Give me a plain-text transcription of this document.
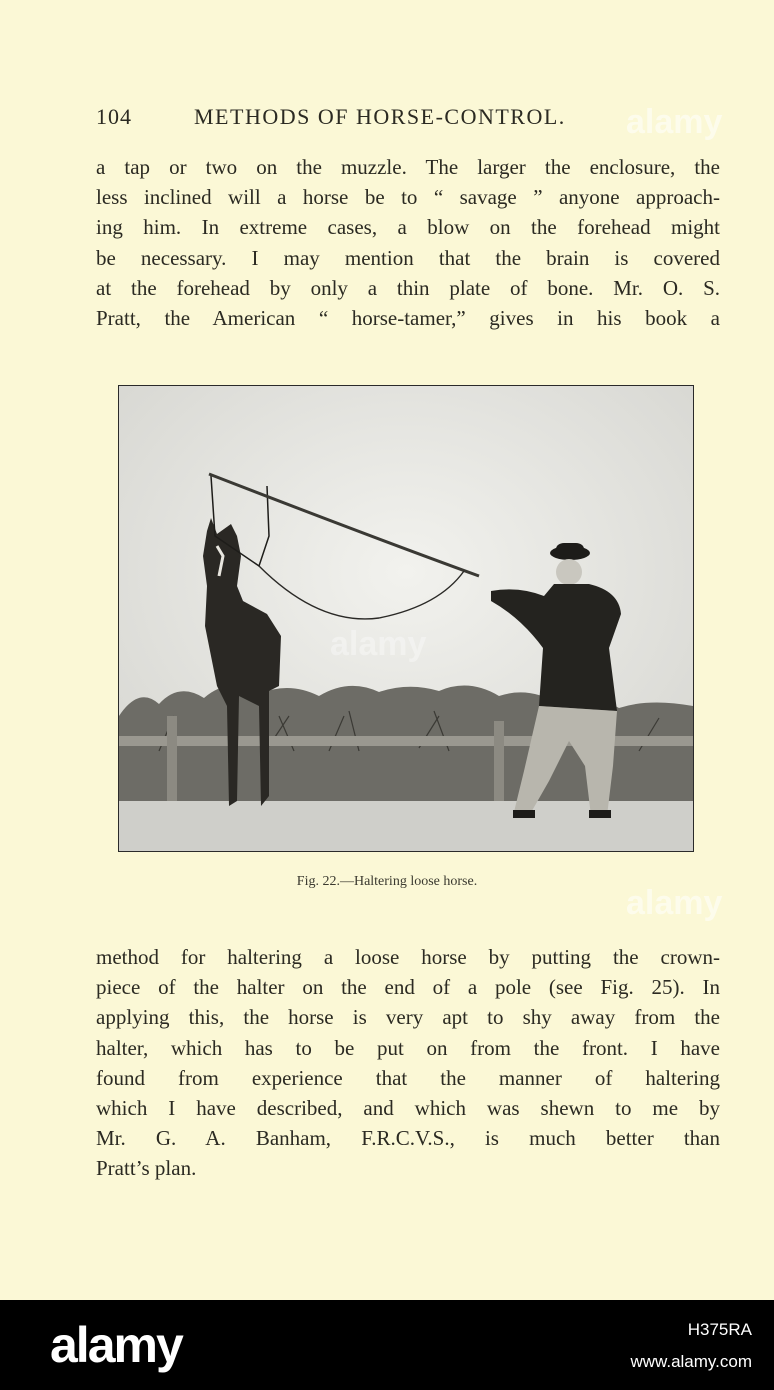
104	METHODS OF HORSE-CONTROL.

a tap or two on the muzzle. The larger the enclosure, the
less inclined will a horse be to “ savage ” anyone approach-
ing him. In extreme cases, a blow on the forehead might
be necessary. I may mention that the brain is covered
at the forehead by only a thin plate of bone. Mr. O. S.
Pratt, the American “ horse-tamer,” gives in his book a

Fig. 22.—Haltering loose horse.

method for haltering a loose horse by putting the crown-
piece of the halter on the end of a pole (see Fig. 25). In
applying this, the horse is very apt to shy away from the
halter, which has to be put on from the front. I have
found from experience that the manner of haltering
which I have described, and which was shewn to me by
Mr. G. A. Banham, F.R.C.V.S., is much better than
Pratt’s plan.

alamy
alamy
alamy
alamy	H375RA
www.alamy.com
